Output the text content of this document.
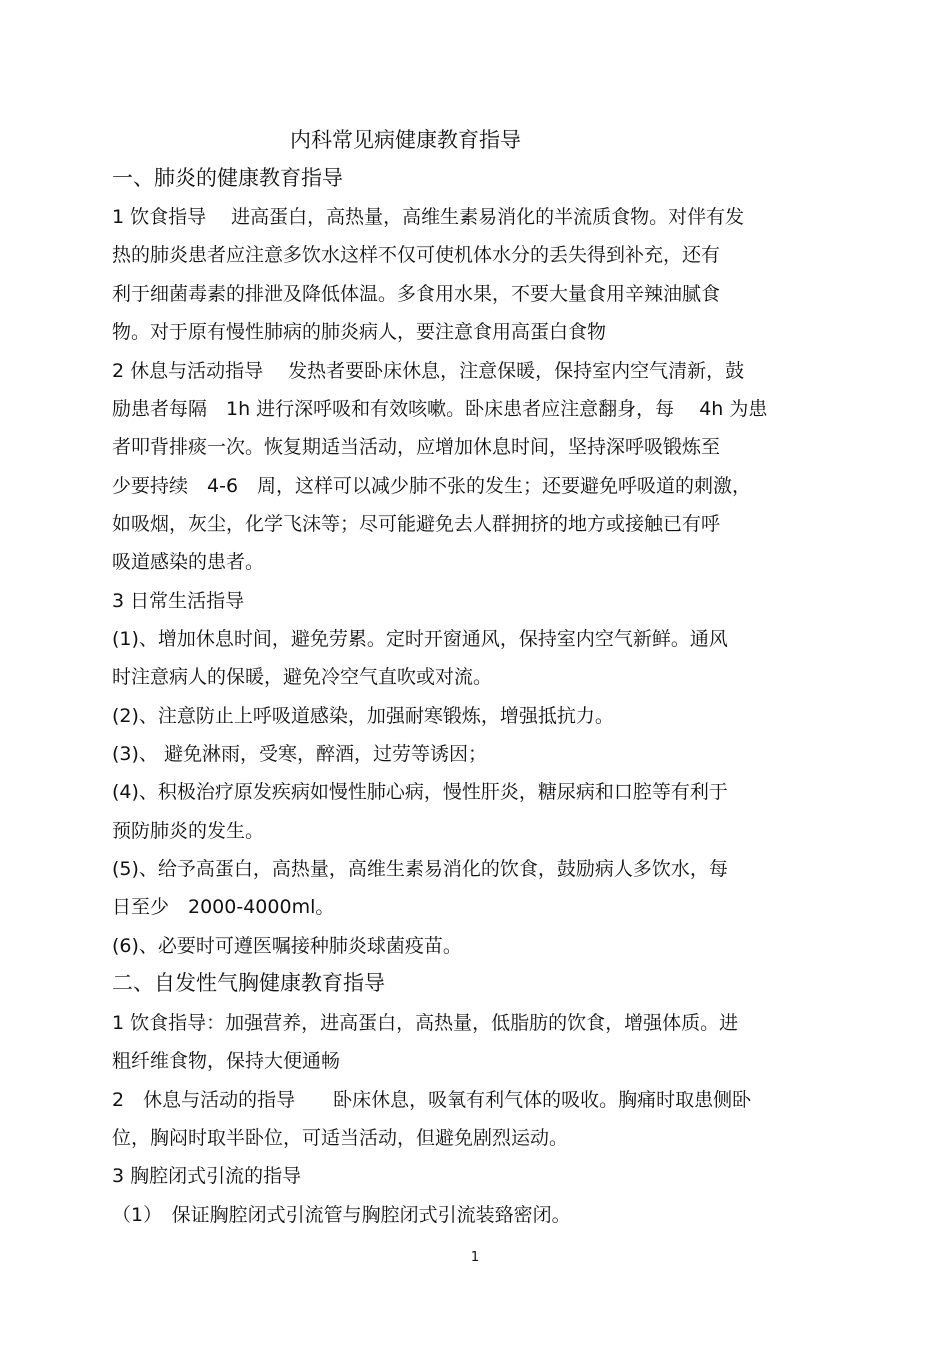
内科常见病健康教育指导
一、肺炎的健康教育指导
1 饮食指导　 进高蛋白，高热量，高维生素易消化的半流质食物。对伴有发
热的肺炎患者应注意多饮水这样不仅可使机体水分的丢失得到补充，还有
利于细菌毒素的排泄及降低体温。多食用水果，不要大量食用辛辣油腻食
物。对于原有慢性肺病的肺炎病人，要注意食用高蛋白食物
2 休息与活动指导　 发热者要卧床休息，注意保暖，保持室内空气清新，鼓
励患者每隔　1h 进行深呼吸和有效咳嗽。卧床患者应注意翻身，每　 4h 为患
者叩背排痰一次。恢复期适当活动，应增加休息时间，坚持深呼吸锻炼至
少要持续　4-6　周，这样可以减少肺不张的发生；还要避免呼吸道的刺激，
如吸烟，灰尘，化学飞沫等；尽可能避免去人群拥挤的地方或接触已有呼
吸道感染的患者。
3 日常生活指导
(1)、增加休息时间，避免劳累。定时开窗通风，保持室内空气新鲜。通风
时注意病人的保暖，避免冷空气直吹或对流。
(2)、注意防止上呼吸道感染，加强耐寒锻炼，增强抵抗力。
(3)、 避免淋雨，受寒，醉酒，过劳等诱因；
(4)、积极治疗原发疾病如慢性肺心病，慢性肝炎，糖尿病和口腔等有利于
预防肺炎的发生。
(5)、给予高蛋白，高热量，高维生素易消化的饮食，鼓励病人多饮水，每
日至少　2000-4000ml。
(6)、必要时可遵医嘱接种肺炎球菌疫苗。
二、自发性气胸健康教育指导
1 饮食指导：加强营养，进高蛋白，高热量，低脂肪的饮食，增强体质。进
粗纤维食物，保持大便通畅
2　休息与活动的指导　　卧床休息，吸氧有利气体的吸收。胸痛时取患侧卧
位，胸闷时取半卧位，可适当活动，但避免剧烈运动。
3 胸腔闭式引流的指导
（1）　保证胸腔闭式引流管与胸腔闭式引流装臵密闭。
1
